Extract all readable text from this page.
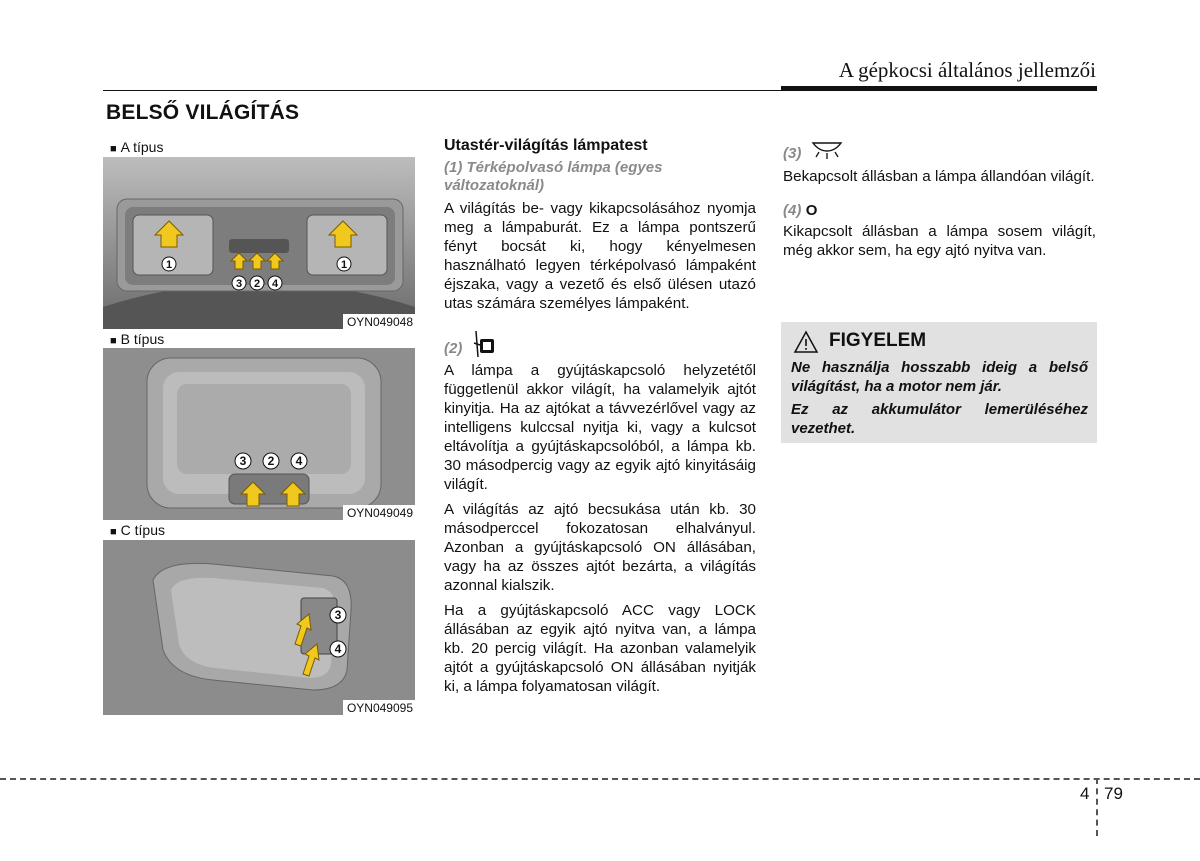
A gépkocsi általános jellemzői
BELSŐ VILÁGÍTÁS
■ A típus
1
3 2 4
1
OYN049048
■ B típus
3 2 4
OYN049049
■ C típus
3
4
OYN049095
Utastér-világítás lámpatest
(1) Térképolvasó lámpa (egyes változatoknál)
A világítás be- vagy kikapcsolásához nyomja meg a lámpaburát. Ez a lámpa pontszerű fényt bocsát ki, hogy kényelmesen használható legyen térképolvasó lámpaként éjszaka, vagy a vezető és első ülésen utazó utas számára személyes lámpaként.
(2)
A lámpa a gyújtáskapcsoló helyzetétől függetlenül akkor világít, ha valamelyik ajtót kinyitja. Ha az ajtókat a távvezérlővel vagy az intelligens kulccsal nyitja ki, vagy a kulcsot eltávolítja a gyújtáskapcsolóból, a lámpa kb. 30 másodpercig vagy az egyik ajtó kinyitásáig világít.
A világítás az ajtó becsukása után kb. 30 másodperccel fokozatosan elhalványul. Azonban a gyújtáskapcsoló ON állásában, vagy ha az összes ajtót bezárta, a világítás azonnal kialszik.
Ha a gyújtáskapcsoló ACC vagy LOCK állásában az egyik ajtó nyitva van, a lámpa kb. 20 percig világít. Ha azonban valamelyik ajtót a gyújtáskapcsoló ON állásában nyitják ki, a lámpa folyamatosan világít.
(3)
Bekapcsolt állásban a lámpa állandóan világít.
(4) O
Kikapcsolt állásban a lámpa sosem világít, még akkor sem, ha egy ajtó nyitva van.
FIGYELEM
Ne használja hosszabb ideig a belső világítást, ha a motor nem jár.
Ez az akkumulátor lemerüléséhez vezethet.
4 79
